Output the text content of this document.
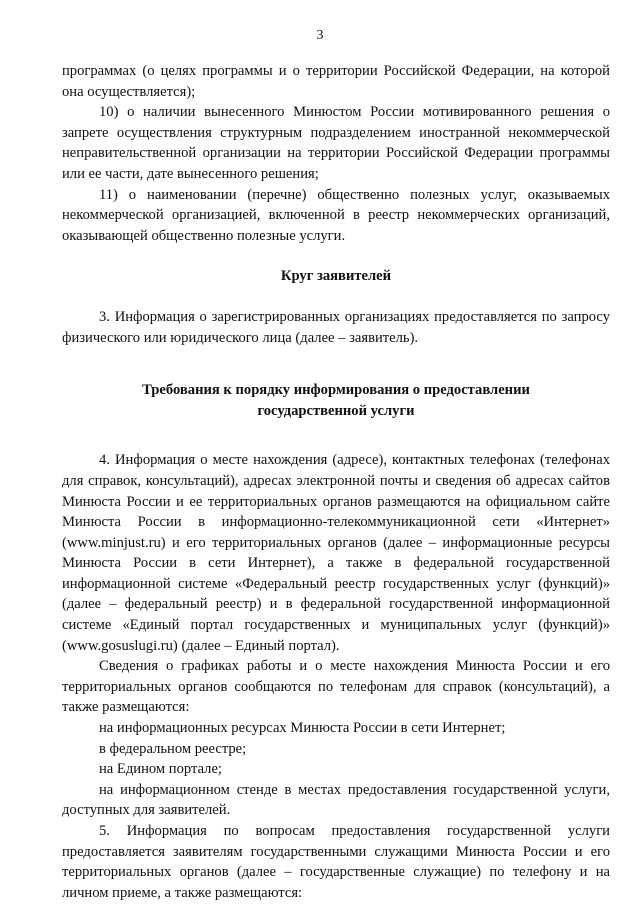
3

программах (о целях программы и о территории Российской Федерации, на которой она осуществляется);

10) о наличии вынесенного Минюстом России мотивированного решения о запрете осуществления структурным подразделением иностранной некоммерческой неправительственной организации на территории Российской Федерации программы или ее части, дате вынесенного решения;

11) о наименовании (перечне) общественно полезных услуг, оказываемых некоммерческой организацией, включенной в реестр некоммерческих организаций, оказывающей общественно полезные услуги.

Круг заявителей

3. Информация о зарегистрированных организациях предоставляется по запросу физического или юридического лица (далее – заявитель).

Требования к порядку информирования о предоставлении

государственной услуги

4. Информация о месте нахождения (адресе), контактных телефонах (телефонах для справок, консультаций), адресах электронной почты и сведения об адресах сайтов Минюста России и ее территориальных органов размещаются на официальном сайте Минюста России в информационно-телекоммуникационной сети «Интернет» (www.minjust.ru) и его территориальных органов (далее – информационные ресурсы Минюста России в сети Интернет), а также в федеральной государственной информационной системе «Федеральный реестр государственных услуг (функций)» (далее – федеральный реестр) и в федеральной государственной информационной системе «Единый портал государственных и муниципальных услуг (функций)» (www.gosuslugi.ru) (далее – Единый портал).

Сведения о графиках работы и о месте нахождения Минюста России и его территориальных органов сообщаются по телефонам для справок (консультаций), а также размещаются:

на информационных ресурсах Минюста России в сети Интернет;

в федеральном реестре;

на Едином портале;

на информационном стенде в местах предоставления государственной услуги, доступных для заявителей.

5. Информация по вопросам предоставления государственной услуги предоставляется заявителям государственными служащими Минюста России и его территориальных органов (далее – государственные служащие) по телефону и на личном приеме, а также размещаются:
